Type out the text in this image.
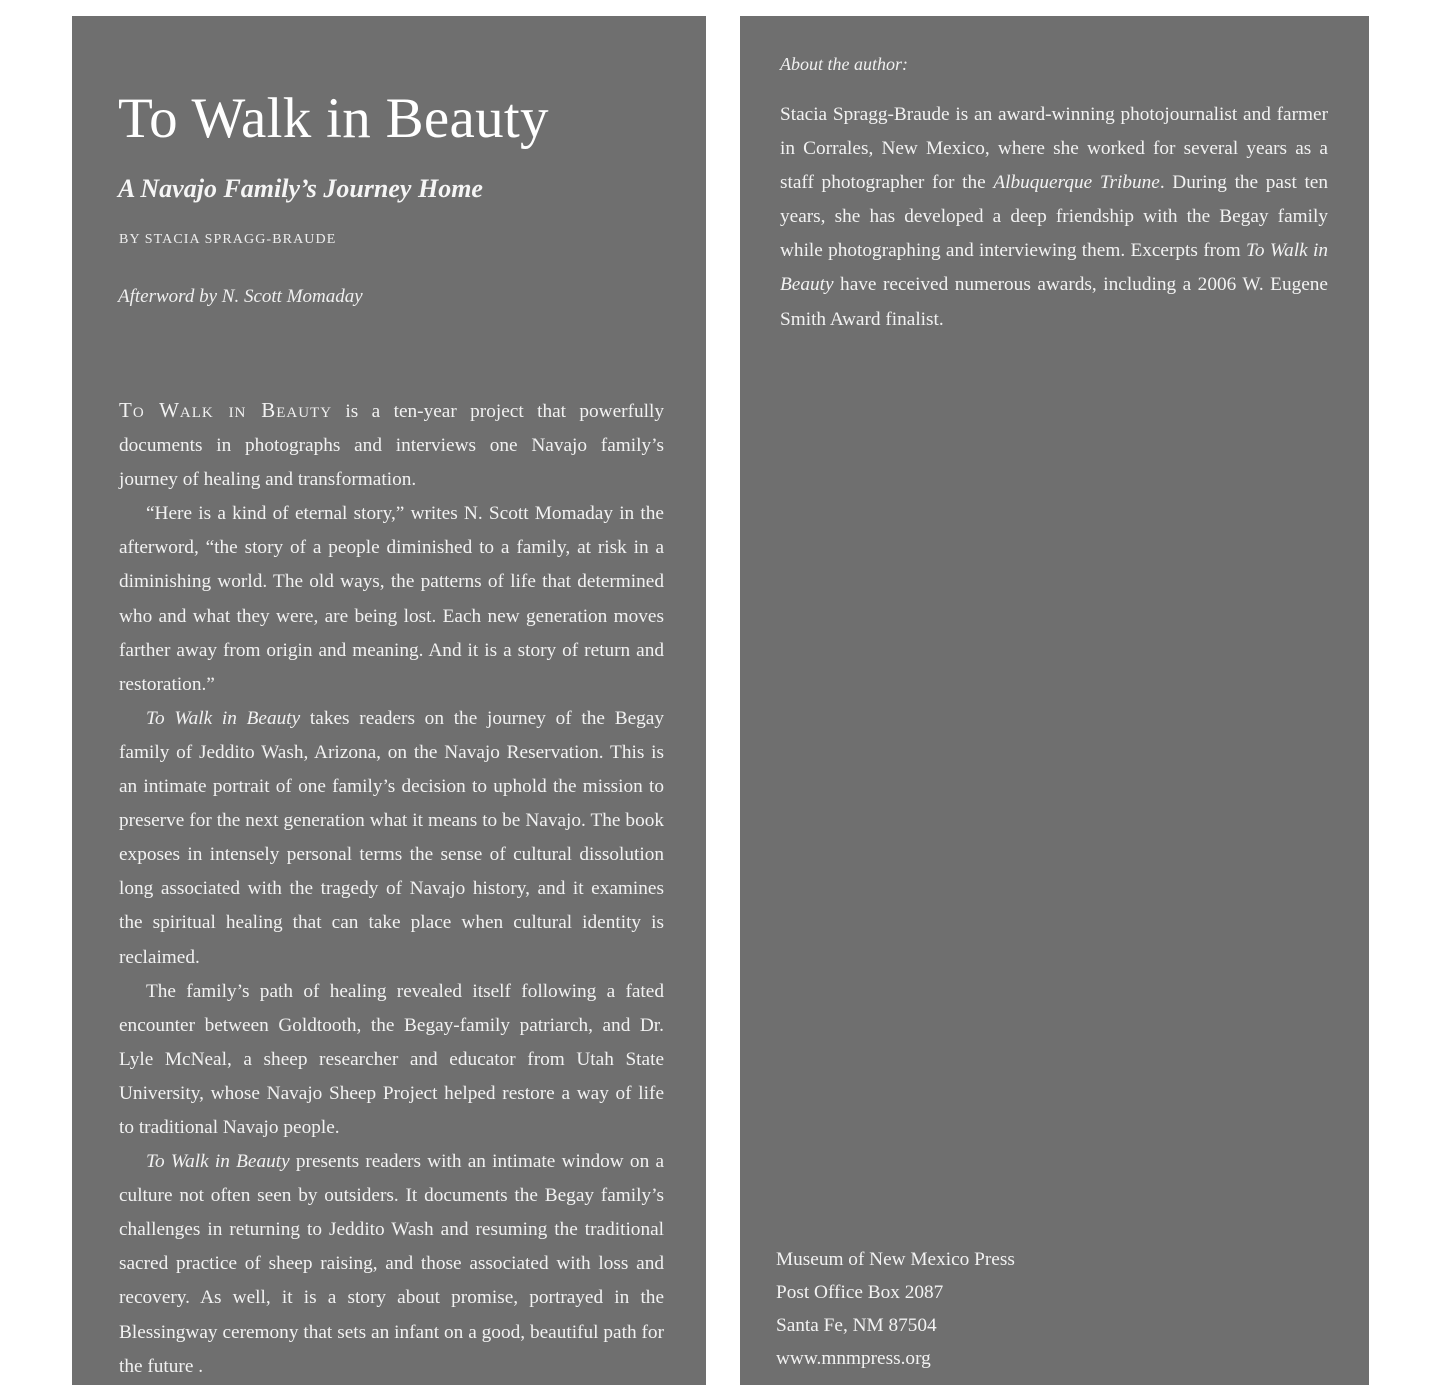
To Walk in Beauty
A Navajo Family’s Journey Home
BY STACIA SPRAGG-BRAUDE
Afterword by N. Scott Momaday

To Walk in Beauty is a ten-year project that powerfully documents in photographs and interviews one Navajo family’s journey of healing and transformation.

“Here is a kind of eternal story,” writes N. Scott Momaday in the afterword, “the story of a people diminished to a family, at risk in a diminishing world. The old ways, the patterns of life that determined who and what they were, are being lost. Each new generation moves farther away from origin and meaning. And it is a story of return and restoration.”

To Walk in Beauty takes readers on the journey of the Begay family of Jeddito Wash, Arizona, on the Navajo Reservation. This is an intimate portrait of one family’s decision to uphold the mission to preserve for the next generation what it means to be Navajo. The book exposes in intensely personal terms the sense of cultural dissolution long associated with the tragedy of Navajo history, and it examines the spiritual healing that can take place when cultural identity is reclaimed.

The family’s path of healing revealed itself following a fated encounter between Goldtooth, the Begay-family patriarch, and Dr. Lyle McNeal, a sheep researcher and educator from Utah State University, whose Navajo Sheep Project helped restore a way of life to traditional Navajo people.

To Walk in Beauty presents readers with an intimate window on a culture not often seen by outsiders. It documents the Begay family’s challenges in returning to Jeddito Wash and resuming the traditional sacred practice of sheep raising, and those associated with loss and recovery. As well, it is a story about promise, portrayed in the Blessingway ceremony that sets an infant on a good, beautiful path for the future .

About the author:

Stacia Spragg-Braude is an award-winning photojournalist and farmer in Corrales, New Mexico, where she worked for several years as a staff photographer for the Albuquerque Tribune. During the past ten years, she has developed a deep friendship with the Begay family while photographing and interviewing them. Excerpts from To Walk in Beauty have received numerous awards, including a 2006 W. Eugene Smith Award finalist.

Museum of New Mexico Press
Post Office Box 2087
Santa Fe, NM 87504
www.mnmpress.org
